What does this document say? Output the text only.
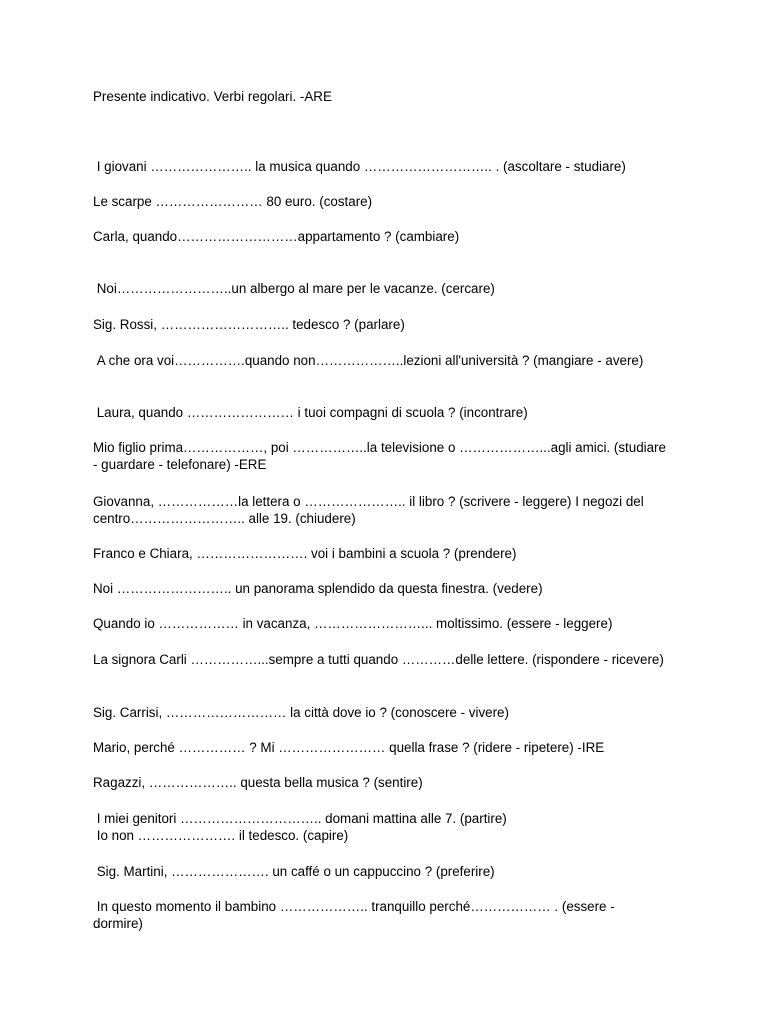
Presente indicativo. Verbi regolari. -ARE
I giovani ………………….. la musica quando ……………………….. . (ascoltare - studiare)
Le scarpe …………………… 80 euro. (costare)
Carla, quando………………………appartamento ? (cambiare)
Noi……………………..un albergo al mare per le vacanze. (cercare)
Sig. Rossi, ……………………….. tedesco ? (parlare)
A che ora voi…………….quando non………………..lezioni all'università ? (mangiare - avere)
Laura, quando …………………… i tuoi compagni di scuola ? (incontrare)
Mio figlio prima………………, poi ……………..la televisione o ………………...agli amici. (studiare - guardare - telefonare) -ERE
Giovanna, ………………la lettera o ………………….. il libro ? (scrivere - leggere) I negozi del centro…………………….. alle 19. (chiudere)
Franco e Chiara, ……………………. voi i bambini a scuola ? (prendere)
Noi …………………….. un panorama splendido da questa finestra. (vedere)
Quando io ……………… in vacanza, ……………………... moltissimo. (essere - leggere)
La signora Carli ……………...sempre a tutti quando …………delle lettere. (rispondere - ricevere)
Sig. Carrisi, ……………………… la città dove io ? (conoscere - vivere)
Mario, perché …………… ? Mi …………………… quella frase ? (ridere - ripetere) -IRE
Ragazzi, ……………….. questa bella musica ? (sentire)
I miei genitori ………………………….. domani mattina alle 7. (partire)
Io non …………………. il tedesco. (capire)
Sig. Martini, …………………. un caffé o un cappuccino ? (preferire)
In questo momento il bambino ……………….. tranquillo perché……………… . (essere - dormire)
